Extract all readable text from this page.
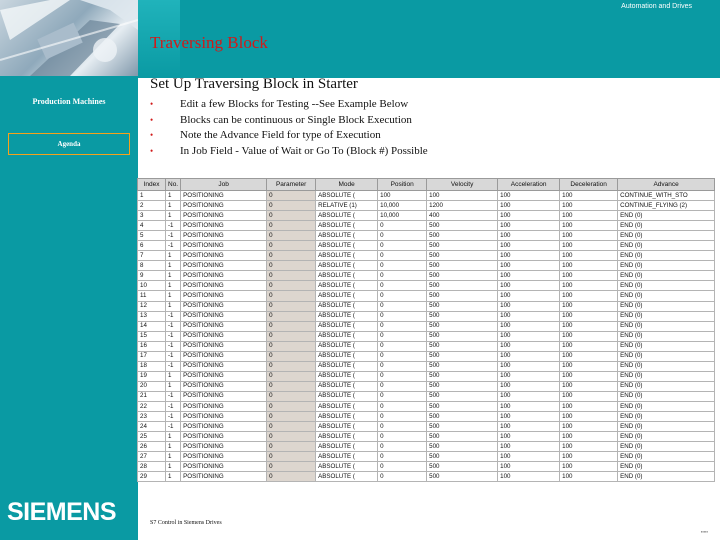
Automation and Drives
Traversing Block
Production Machines
Agenda
SIEMENS
Set Up Traversing Block in Starter
•	Edit a few Blocks for Testing --See Example Below
•	Blocks can be continuous or Single Block Execution
•	Note the Advance Field for type of Execution
•	In Job Field - Value of Wait or Go To (Block #) Possible
Index	No.	Job	Parameter	Mode	Position	Velocity	Acceleration	Deceleration	Advance
1	1	POSITIONING	0	ABSOLUTE (	100	100	100	100	CONTINUE_WITH_STO
2	1	POSITIONING	0	RELATIVE (1)	10,000	1200	100	100	CONTINUE_FLYING (2)
3	1	POSITIONING	0	ABSOLUTE (	10,000	400	100	100	END (0)
4	-1	POSITIONING	0	ABSOLUTE (	0	500	100	100	END (0)
5	-1	POSITIONING	0	ABSOLUTE (	0	500	100	100	END (0)
6	-1	POSITIONING	0	ABSOLUTE (	0	500	100	100	END (0)
7	1	POSITIONING	0	ABSOLUTE (	0	500	100	100	END (0)
8	1	POSITIONING	0	ABSOLUTE (	0	500	100	100	END (0)
9	1	POSITIONING	0	ABSOLUTE (	0	500	100	100	END (0)
10	1	POSITIONING	0	ABSOLUTE (	0	500	100	100	END (0)
11	1	POSITIONING	0	ABSOLUTE (	0	500	100	100	END (0)
12	1	POSITIONING	0	ABSOLUTE (	0	500	100	100	END (0)
13	-1	POSITIONING	0	ABSOLUTE (	0	500	100	100	END (0)
14	-1	POSITIONING	0	ABSOLUTE (	0	500	100	100	END (0)
15	-1	POSITIONING	0	ABSOLUTE (	0	500	100	100	END (0)
16	-1	POSITIONING	0	ABSOLUTE (	0	500	100	100	END (0)
17	-1	POSITIONING	0	ABSOLUTE (	0	500	100	100	END (0)
18	-1	POSITIONING	0	ABSOLUTE (	0	500	100	100	END (0)
19	1	POSITIONING	0	ABSOLUTE (	0	500	100	100	END (0)
20	1	POSITIONING	0	ABSOLUTE (	0	500	100	100	END (0)
21	-1	POSITIONING	0	ABSOLUTE (	0	500	100	100	END (0)
22	-1	POSITIONING	0	ABSOLUTE (	0	500	100	100	END (0)
23	-1	POSITIONING	0	ABSOLUTE (	0	500	100	100	END (0)
24	-1	POSITIONING	0	ABSOLUTE (	0	500	100	100	END (0)
25	1	POSITIONING	0	ABSOLUTE (	0	500	100	100	END (0)
26	1	POSITIONING	0	ABSOLUTE (	0	500	100	100	END (0)
27	1	POSITIONING	0	ABSOLUTE (	0	500	100	100	END (0)
28	1	POSITIONING	0	ABSOLUTE (	0	500	100	100	END (0)
29	1	POSITIONING	0	ABSOLUTE (	0	500	100	100	END (0)
S7 Control in Siemens Drives
▪▪▪▪▪
